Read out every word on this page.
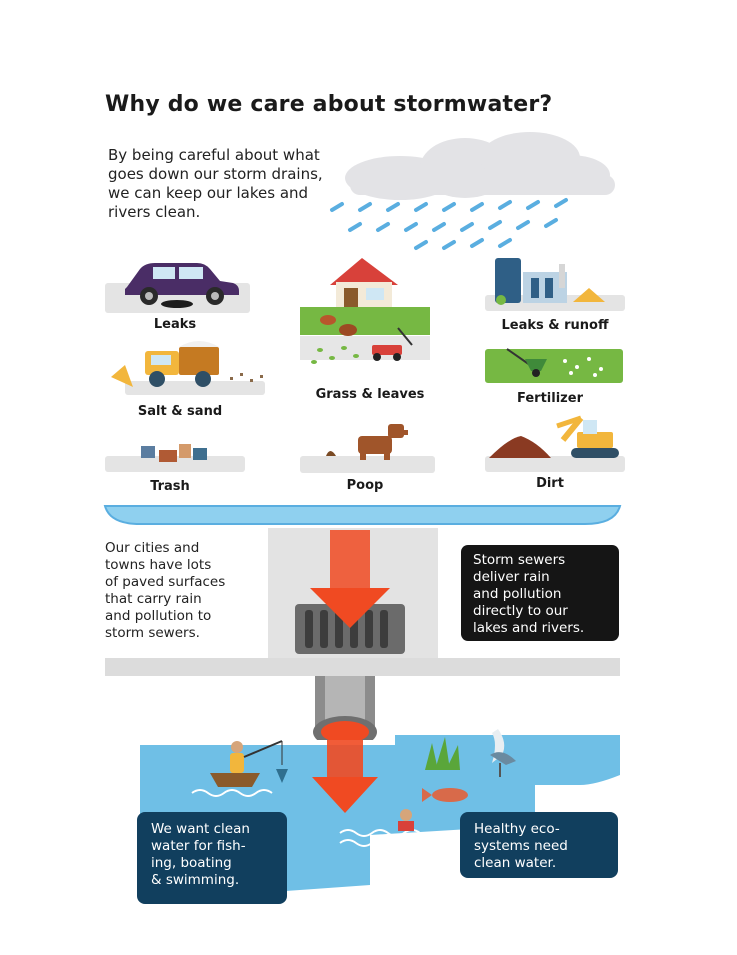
Why do we care about stormwater?
By being careful about what goes down our storm drains, we can keep our lakes and rivers clean.
Leaks
Grass & leaves
Leaks & runoff
Salt & sand
Fertilizer
Trash	Poop	Dirt
Our cities and
towns have lots
of paved surfaces
that carry rain
and pollution to
storm sewers.
Storm sewers
deliver rain
and pollution
directly to our
lakes and rivers.
We want clean
water for fish-
ing, boating
& swimming.
Healthy eco-
systems need
clean water.
